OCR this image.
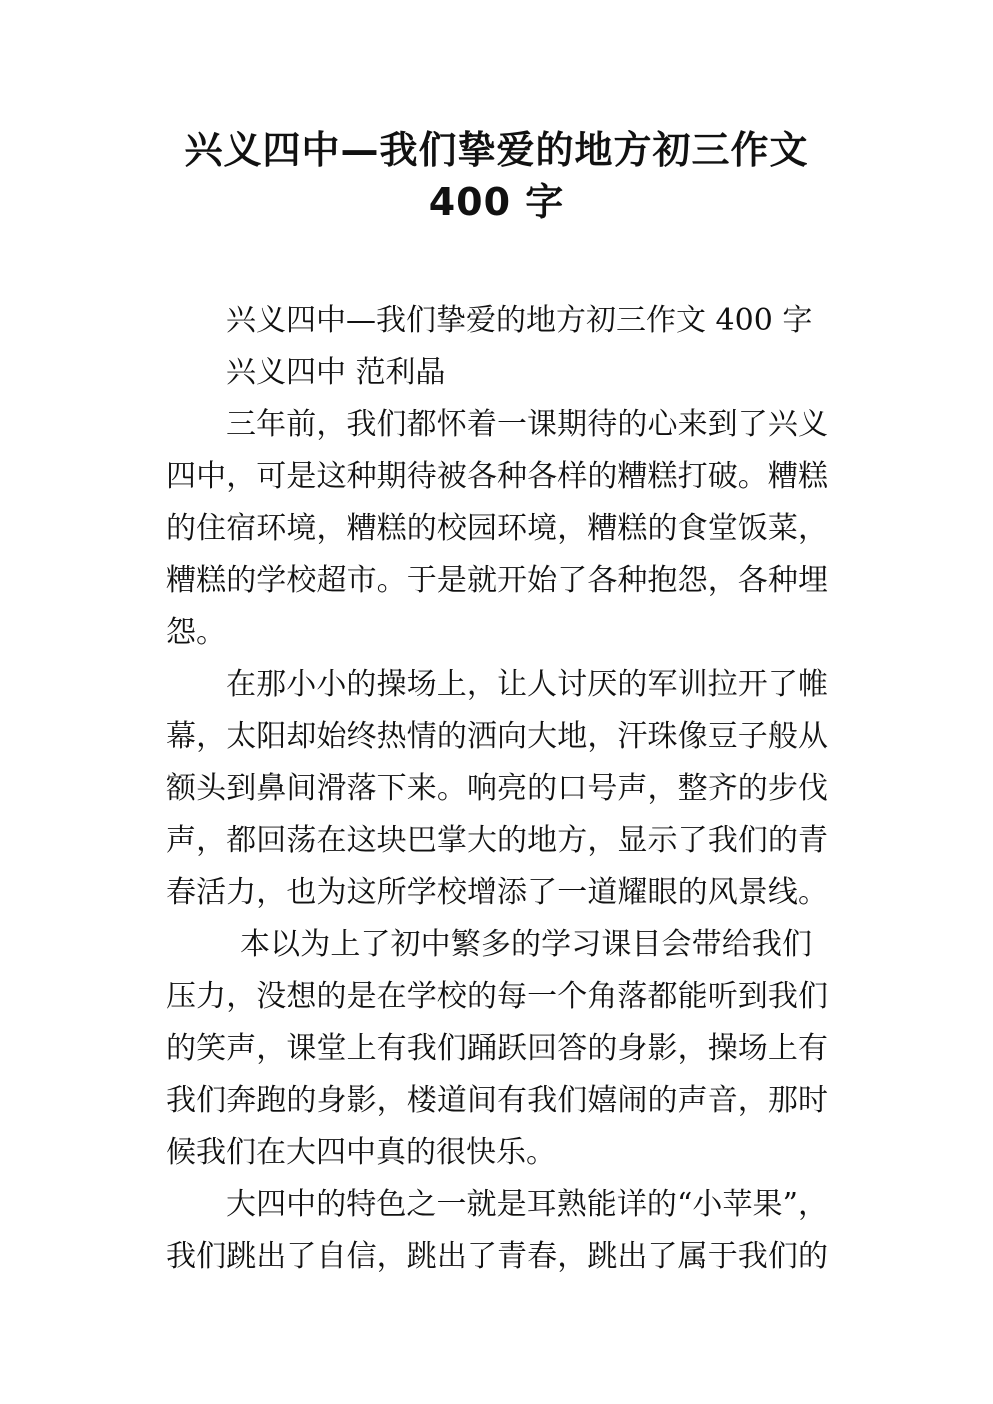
兴义四中—我们挚爱的地方初三作文
400 字
兴义四中—我们挚爱的地方初三作文 400 字
兴义四中 范利晶
三年前，我们都怀着一课期待的心来到了兴义
四中，可是这种期待被各种各样的糟糕打破。糟糕
的住宿环境，糟糕的校园环境，糟糕的食堂饭菜，
糟糕的学校超市。于是就开始了各种抱怨，各种埋
怨。
在那小小的操场上，让人讨厌的军训拉开了帷
幕，太阳却始终热情的洒向大地，汗珠像豆子般从
额头到鼻间滑落下来。响亮的口号声，整齐的步伐
声，都回荡在这块巴掌大的地方，显示了我们的青
春活力，也为这所学校增添了一道耀眼的风景线。
本以为上了初中繁多的学习课目会带给我们
压力，没想的是在学校的每一个角落都能听到我们
的笑声，课堂上有我们踊跃回答的身影，操场上有
我们奔跑的身影，楼道间有我们嬉闹的声音，那时
候我们在大四中真的很快乐。
大四中的特色之一就是耳熟能详的“小苹果”，
我们跳出了自信，跳出了青春，跳出了属于我们的
